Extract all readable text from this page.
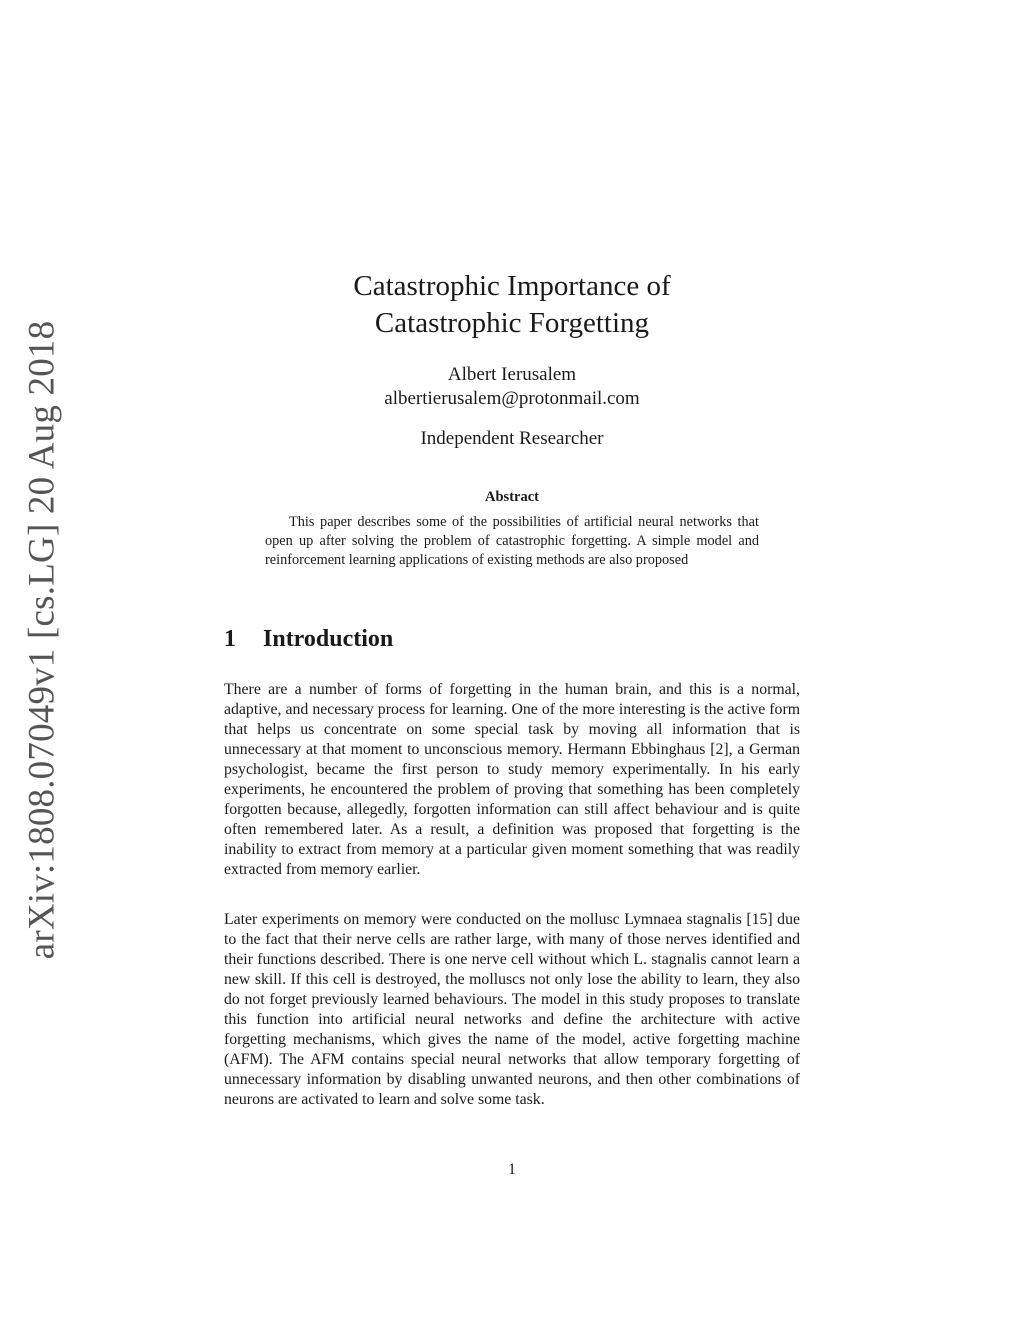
arXiv:1808.07049v1 [cs.LG] 20 Aug 2018
Catastrophic Importance of
Catastrophic Forgetting
Albert Ierusalem
albertierusalem@protonmail.com
Independent Researcher
Abstract
This paper describes some of the possibilities of artificial neural networks that open up after solving the problem of catastrophic forgetting. A simple model and reinforcement learning applications of existing methods are also proposed
1 Introduction

There are a number of forms of forgetting in the human brain, and this is a normal, adaptive, and necessary process for learning. One of the more interesting is the active form that helps us concentrate on some special task by moving all information that is unnecessary at that moment to unconscious memory. Hermann Ebbinghaus [2], a German psychologist, became the first person to study memory experimentally. In his early experiments, he encountered the problem of proving that something has been completely forgotten because, allegedly, forgotten information can still affect behaviour and is quite often remembered later. As a result, a definition was proposed that forgetting is the inability to extract from memory at a particular given moment something that was readily extracted from memory earlier.

Later experiments on memory were conducted on the mollusc Lymnaea stagnalis [15] due to the fact that their nerve cells are rather large, with many of those nerves identified and their functions described. There is one nerve cell without which L. stagnalis cannot learn a new skill. If this cell is destroyed, the molluscs not only lose the ability to learn, they also do not forget previously learned behaviours. The model in this study proposes to translate this function into artificial neural networks and define the architecture with active forgetting mechanisms, which gives the name of the model, active forgetting machine (AFM). The AFM contains special neural networks that allow temporary forgetting of unnecessary information by disabling unwanted neurons, and then other combinations of neurons are activated to learn and solve some task.

1
